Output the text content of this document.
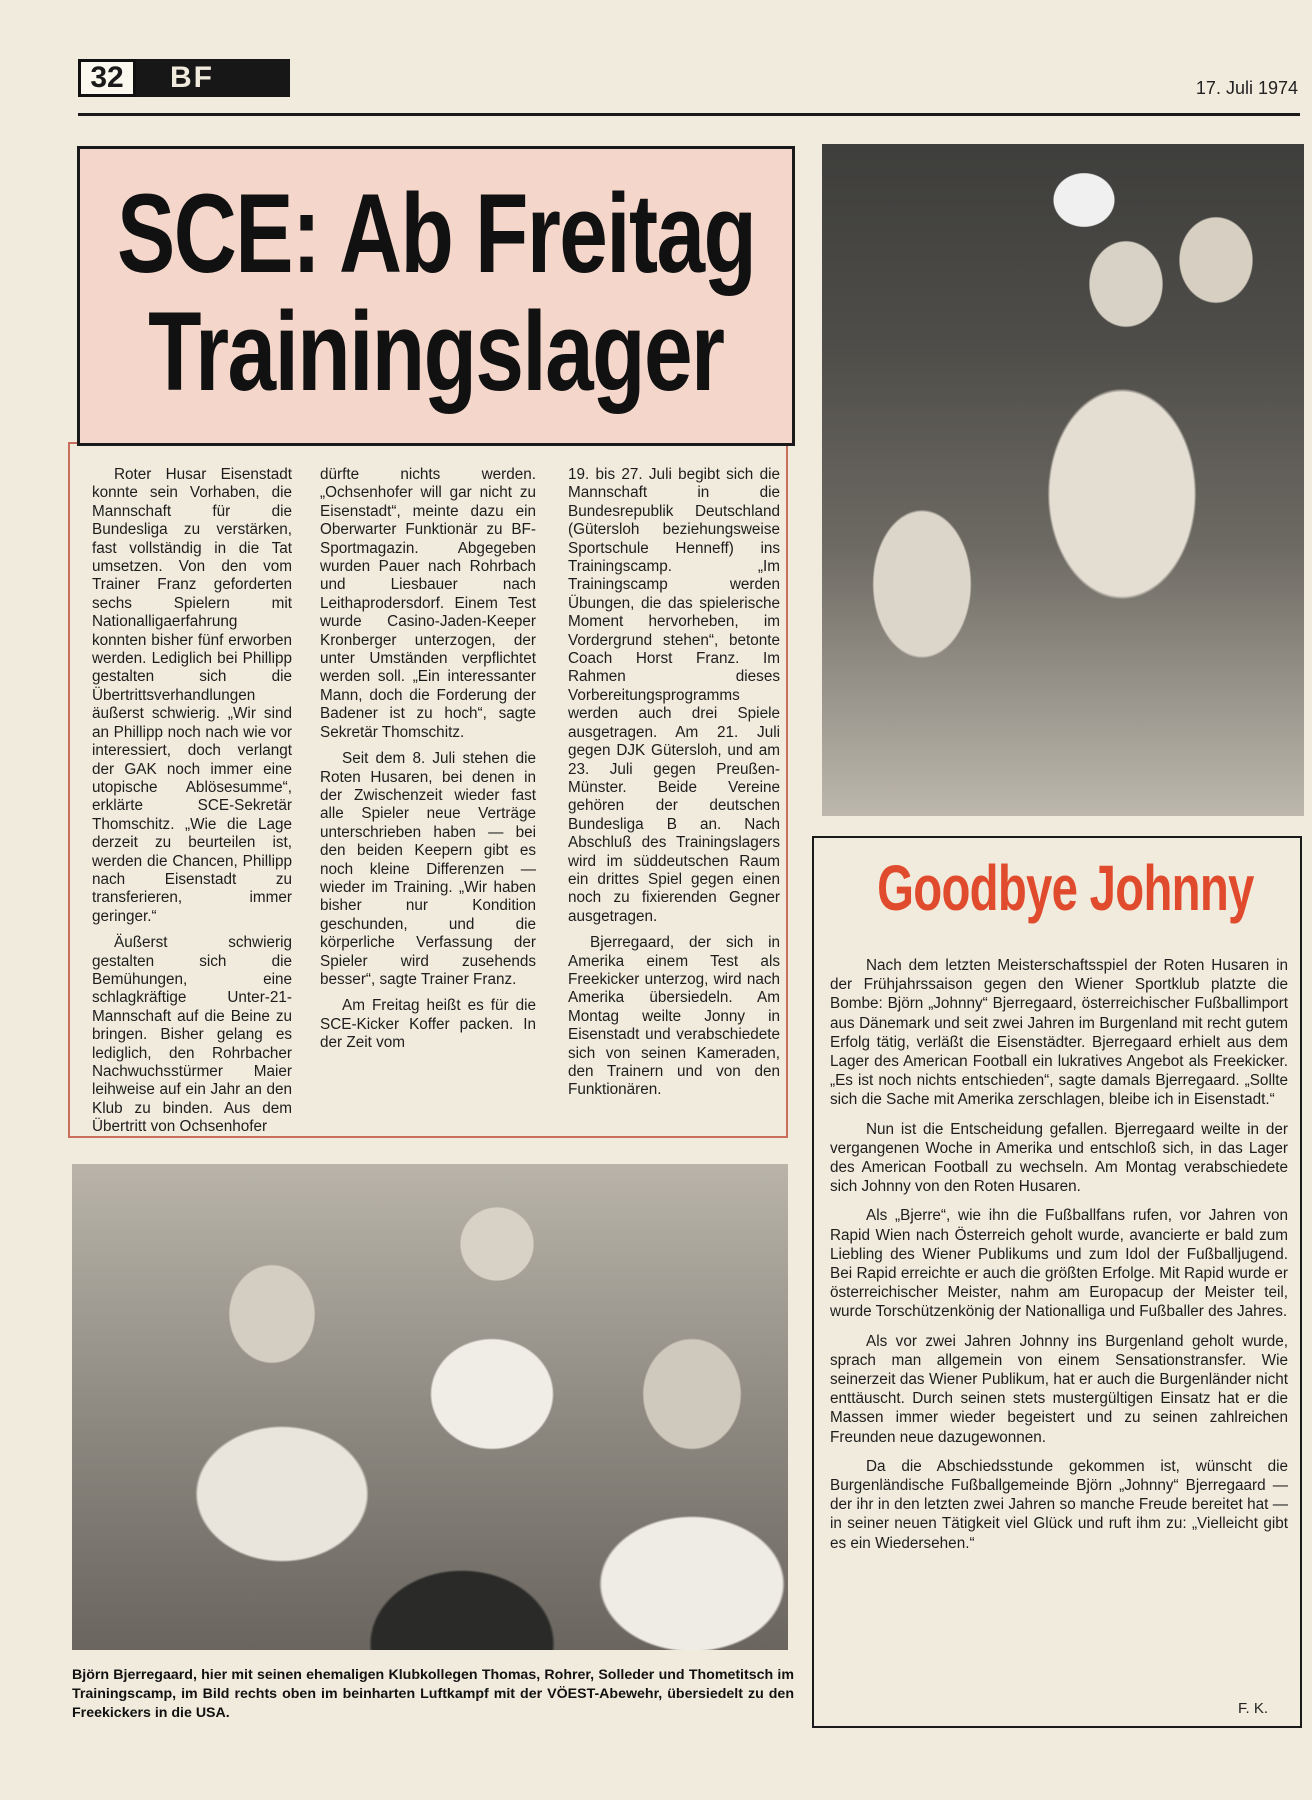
32	BF	17. Juli 1974
SCE: Ab Freitag
Trainingslager

Roter Husar Eisenstadt konnte sein Vorhaben, die Mannschaft für die Bundesliga zu verstärken, fast vollständig in die Tat umsetzen. Von den vom Trainer Franz geforderten sechs Spielern mit Nationalligaerfahrung konnten bisher fünf erworben werden. Lediglich bei Phillipp gestalten sich die Übertrittsverhandlungen äußerst schwierig. „Wir sind an Phillipp noch nach wie vor interessiert, doch verlangt der GAK noch immer eine utopische Ablösesumme“, erklärte SCE-Sekretär Thomschitz. „Wie die Lage derzeit zu beurteilen ist, werden die Chancen, Phillipp nach Eisenstadt zu transferieren, immer geringer.“

Äußerst schwierig gestalten sich die Bemühungen, eine schlagkräftige Unter-21-Mannschaft auf die Beine zu bringen. Bisher gelang es lediglich, den Rohrbacher Nachwuchsstürmer Maier leihweise auf ein Jahr an den Klub zu binden. Aus dem Übertritt von Ochsenhofer

dürfte nichts werden. „Ochsenhofer will gar nicht zu Eisenstadt“, meinte dazu ein Oberwarter Funktionär zu BF-Sportmagazin. Abgegeben wurden Pauer nach Rohrbach und Liesbauer nach Leithaprodersdorf. Einem Test wurde Casino-Jaden-Keeper Kronberger unterzogen, der unter Umständen verpflichtet werden soll. „Ein interessanter Mann, doch die Forderung der Badener ist zu hoch“, sagte Sekretär Thomschitz.

Seit dem 8. Juli stehen die Roten Husaren, bei denen in der Zwischenzeit wieder fast alle Spieler neue Verträge unterschrieben haben — bei den beiden Keepern gibt es noch kleine Differenzen — wieder im Training. „Wir haben bisher nur Kondition geschunden, und die körperliche Verfassung der Spieler wird zusehends besser“, sagte Trainer Franz.

Am Freitag heißt es für die SCE-Kicker Koffer packen. In der Zeit vom

19. bis 27. Juli begibt sich die Mannschaft in die Bundesrepublik Deutschland (Gütersloh beziehungsweise Sportschule Henneff) ins Trainingscamp. „Im Trainingscamp werden Übungen, die das spielerische Moment hervorheben, im Vordergrund stehen“, betonte Coach Horst Franz. Im Rahmen dieses Vorbereitungsprogramms werden auch drei Spiele ausgetragen. Am 21. Juli gegen DJK Gütersloh, und am 23. Juli gegen Preußen-Münster. Beide Vereine gehören der deutschen Bundesliga B an. Nach Abschluß des Trainingslagers wird im süddeutschen Raum ein drittes Spiel gegen einen noch zu fixierenden Gegner ausgetragen.

Bjerregaard, der sich in Amerika einem Test als Freekicker unterzog, wird nach Amerika übersiedeln. Am Montag weilte Jonny in Eisenstadt und verabschiedete sich von seinen Kameraden, den Trainern und von den Funktionären.

Björn Bjerregaard, hier mit seinen ehemaligen Klubkollegen Thomas, Rohrer, Solleder und Thometitsch im Trainingscamp, im Bild rechts oben im beinharten Luftkampf mit der VÖEST-Abewehr, übersiedelt zu den Freekickers in die USA.
Goodbye Johnny

Nach dem letzten Meisterschaftsspiel der Roten Husaren in der Frühjahrssaison gegen den Wiener Sportklub platzte die Bombe: Björn „Johnny“ Bjerregaard, österreichischer Fußballimport aus Dänemark und seit zwei Jahren im Burgenland mit recht gutem Erfolg tätig, verläßt die Eisenstädter. Bjerregaard erhielt aus dem Lager des American Football ein lukratives Angebot als Freekicker. „Es ist noch nichts entschieden“, sagte damals Bjerregaard. „Sollte sich die Sache mit Amerika zerschlagen, bleibe ich in Eisenstadt.“

Nun ist die Entscheidung gefallen. Bjerregaard weilte in der vergangenen Woche in Amerika und entschloß sich, in das Lager des American Football zu wechseln. Am Montag verabschiedete sich Johnny von den Roten Husaren.

Als „Bjerre“, wie ihn die Fußballfans rufen, vor Jahren von Rapid Wien nach Österreich geholt wurde, avancierte er bald zum Liebling des Wiener Publikums und zum Idol der Fußballjugend. Bei Rapid erreichte er auch die größten Erfolge. Mit Rapid wurde er österreichischer Meister, nahm am Europacup der Meister teil, wurde Torschützenkönig der Nationalliga und Fußballer des Jahres.

Als vor zwei Jahren Johnny ins Burgenland geholt wurde, sprach man allgemein von einem Sensationstransfer. Wie seinerzeit das Wiener Publikum, hat er auch die Burgenländer nicht enttäuscht. Durch seinen stets mustergültigen Einsatz hat er die Massen immer wieder begeistert und zu seinen zahlreichen Freunden neue dazugewonnen.

Da die Abschiedsstunde gekommen ist, wünscht die Burgenländische Fußballgemeinde Björn „Johnny“ Bjerregaard — der ihr in den letzten zwei Jahren so manche Freude bereitet hat — in seiner neuen Tätigkeit viel Glück und ruft ihm zu: „Vielleicht gibt es ein Wiedersehen.“

F. K.
